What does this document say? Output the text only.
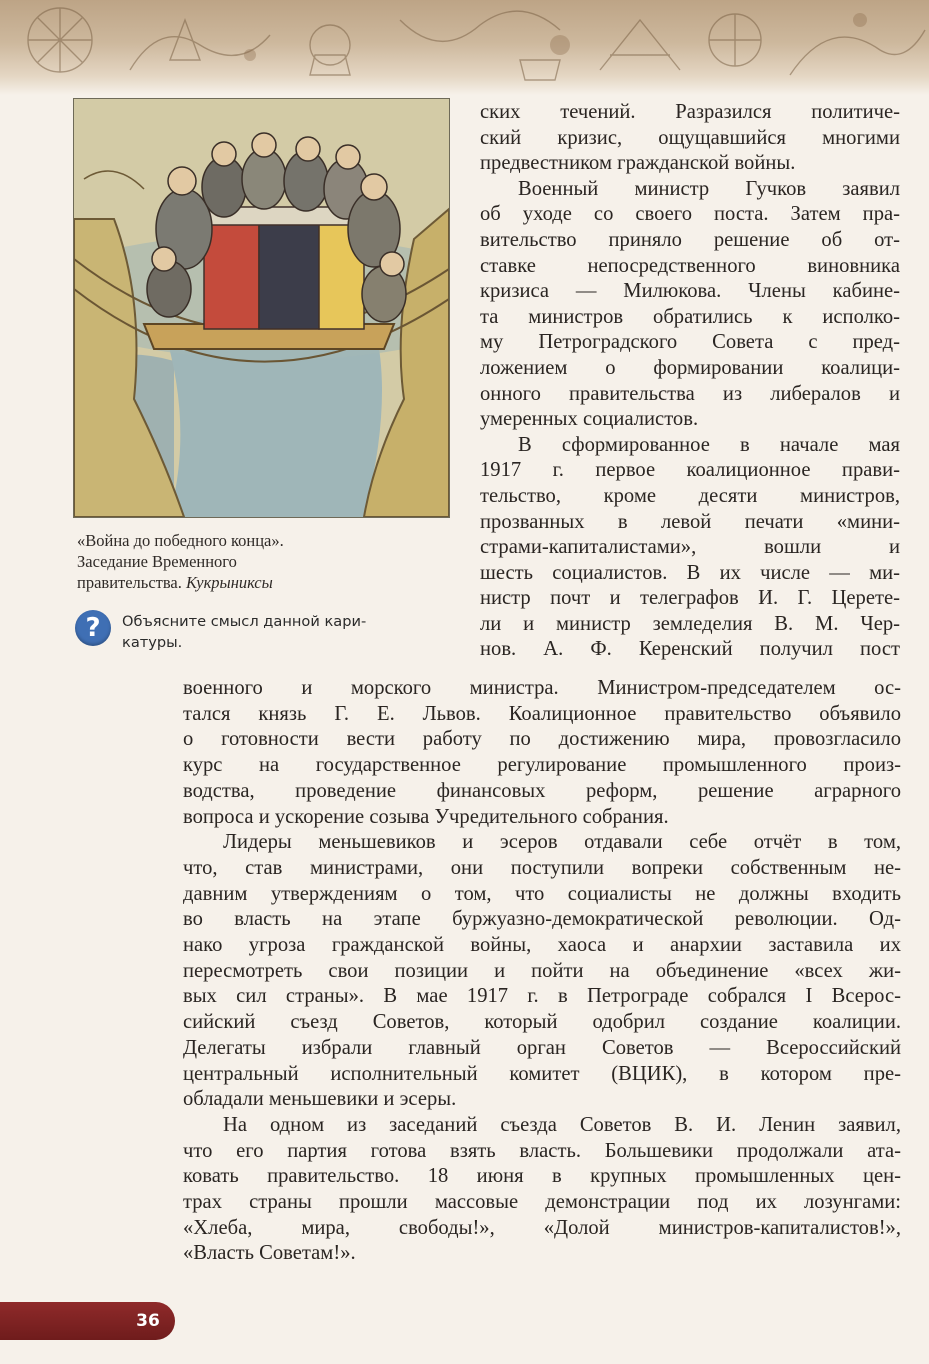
«Война до победного конца».
Заседание Временного
правительства. Кукрыниксы
?	Объясните смысл данной кари-
катуры.
ских течений. Разразился политиче-
ский кризис, ощущавшийся многими
предвестником гражданской войны.
Военный министр Гучков заявил
об уходе со своего поста. Затем пра-
вительство приняло решение об от-
ставке непосредственного виновника
кризиса — Милюкова. Члены кабине-
та министров обратились к исполко-
му Петроградского Совета с пред-
ложением о формировании коалици-
онного правительства из либералов и
умеренных социалистов.
В сформированное в начале мая
1917 г. первое коалиционное прави-
тельство, кроме десяти министров,
прозванных в левой печати «мини-
страми-капиталистами», вошли и
шесть социалистов. В их числе — ми-
нистр почт и телеграфов И. Г. Церете-
ли и министр земледелия В. М. Чер-
нов. А. Ф. Керенский получил пост
военного и морского министра. Министром-председателем ос-
тался князь Г. Е. Львов. Коалиционное правительство объявило
о готовности вести работу по достижению мира, провозгласило
курс на государственное регулирование промышленного произ-
водства, проведение финансовых реформ, решение аграрного
вопроса и ускорение созыва Учредительного собрания.
Лидеры меньшевиков и эсеров отдавали себе отчёт в том,
что, став министрами, они поступили вопреки собственным не-
давним утверждениям о том, что социалисты не должны входить
во власть на этапе буржуазно-демократической революции. Од-
нако угроза гражданской войны, хаоса и анархии заставила их
пересмотреть свои позиции и пойти на объединение «всех жи-
вых сил страны». В мае 1917 г. в Петрограде собрался I Всерос-
сийский съезд Советов, который одобрил создание коалиции.
Делегаты избрали главный орган Советов — Всероссийский
центральный исполнительный комитет (ВЦИК), в котором пре-
обладали меньшевики и эсеры.
На одном из заседаний съезда Советов В. И. Ленин заявил,
что его партия готова взять власть. Большевики продолжали ата-
ковать правительство. 18 июня в крупных промышленных цен-
трах страны прошли массовые демонстрации под их лозунгами:
«Хлеба, мира, свободы!», «Долой министров-капиталистов!»,
«Власть Советам!».
36
